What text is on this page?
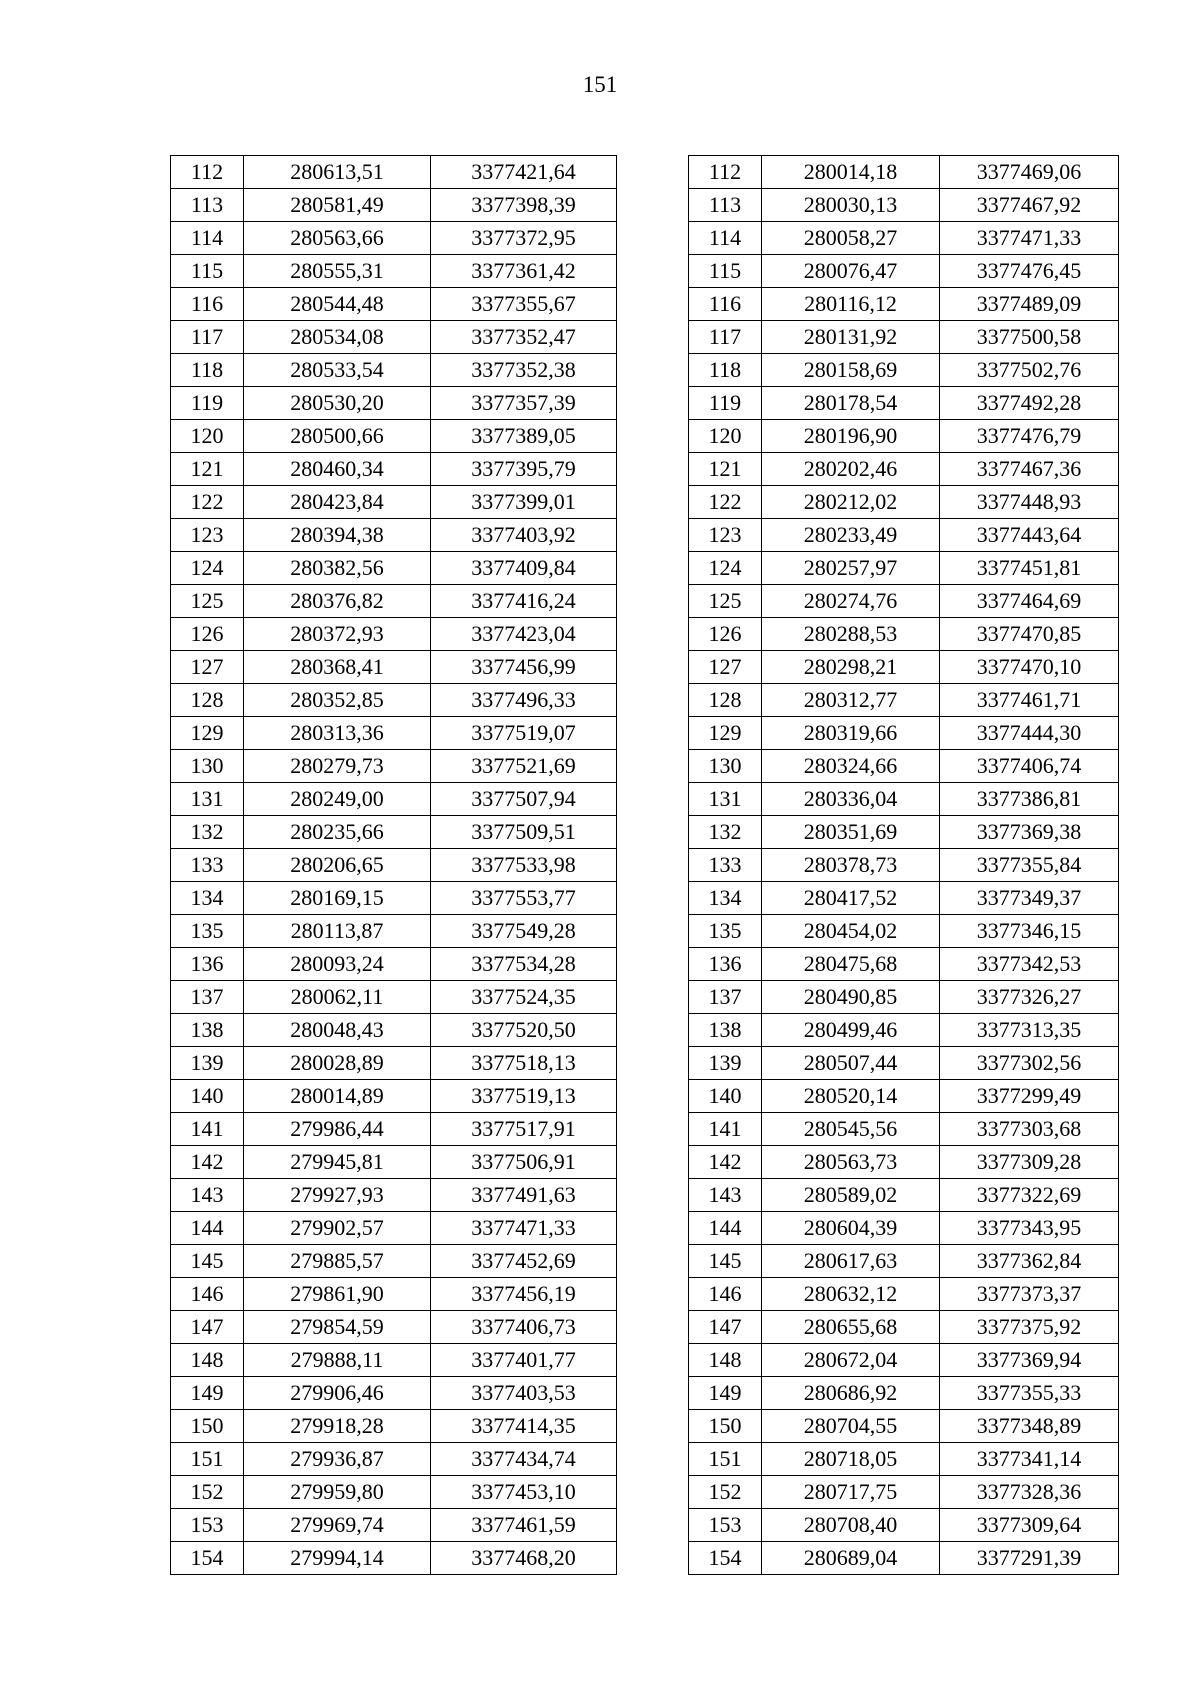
151
112	280613,51	3377421,64
113	280581,49	3377398,39
114	280563,66	3377372,95
115	280555,31	3377361,42
116	280544,48	3377355,67
117	280534,08	3377352,47
118	280533,54	3377352,38
119	280530,20	3377357,39
120	280500,66	3377389,05
121	280460,34	3377395,79
122	280423,84	3377399,01
123	280394,38	3377403,92
124	280382,56	3377409,84
125	280376,82	3377416,24
126	280372,93	3377423,04
127	280368,41	3377456,99
128	280352,85	3377496,33
129	280313,36	3377519,07
130	280279,73	3377521,69
131	280249,00	3377507,94
132	280235,66	3377509,51
133	280206,65	3377533,98
134	280169,15	3377553,77
135	280113,87	3377549,28
136	280093,24	3377534,28
137	280062,11	3377524,35
138	280048,43	3377520,50
139	280028,89	3377518,13
140	280014,89	3377519,13
141	279986,44	3377517,91
142	279945,81	3377506,91
143	279927,93	3377491,63
144	279902,57	3377471,33
145	279885,57	3377452,69
146	279861,90	3377456,19
147	279854,59	3377406,73
148	279888,11	3377401,77
149	279906,46	3377403,53
150	279918,28	3377414,35
151	279936,87	3377434,74
152	279959,80	3377453,10
153	279969,74	3377461,59
154	279994,14	3377468,20
112	280014,18	3377469,06
113	280030,13	3377467,92
114	280058,27	3377471,33
115	280076,47	3377476,45
116	280116,12	3377489,09
117	280131,92	3377500,58
118	280158,69	3377502,76
119	280178,54	3377492,28
120	280196,90	3377476,79
121	280202,46	3377467,36
122	280212,02	3377448,93
123	280233,49	3377443,64
124	280257,97	3377451,81
125	280274,76	3377464,69
126	280288,53	3377470,85
127	280298,21	3377470,10
128	280312,77	3377461,71
129	280319,66	3377444,30
130	280324,66	3377406,74
131	280336,04	3377386,81
132	280351,69	3377369,38
133	280378,73	3377355,84
134	280417,52	3377349,37
135	280454,02	3377346,15
136	280475,68	3377342,53
137	280490,85	3377326,27
138	280499,46	3377313,35
139	280507,44	3377302,56
140	280520,14	3377299,49
141	280545,56	3377303,68
142	280563,73	3377309,28
143	280589,02	3377322,69
144	280604,39	3377343,95
145	280617,63	3377362,84
146	280632,12	3377373,37
147	280655,68	3377375,92
148	280672,04	3377369,94
149	280686,92	3377355,33
150	280704,55	3377348,89
151	280718,05	3377341,14
152	280717,75	3377328,36
153	280708,40	3377309,64
154	280689,04	3377291,39
